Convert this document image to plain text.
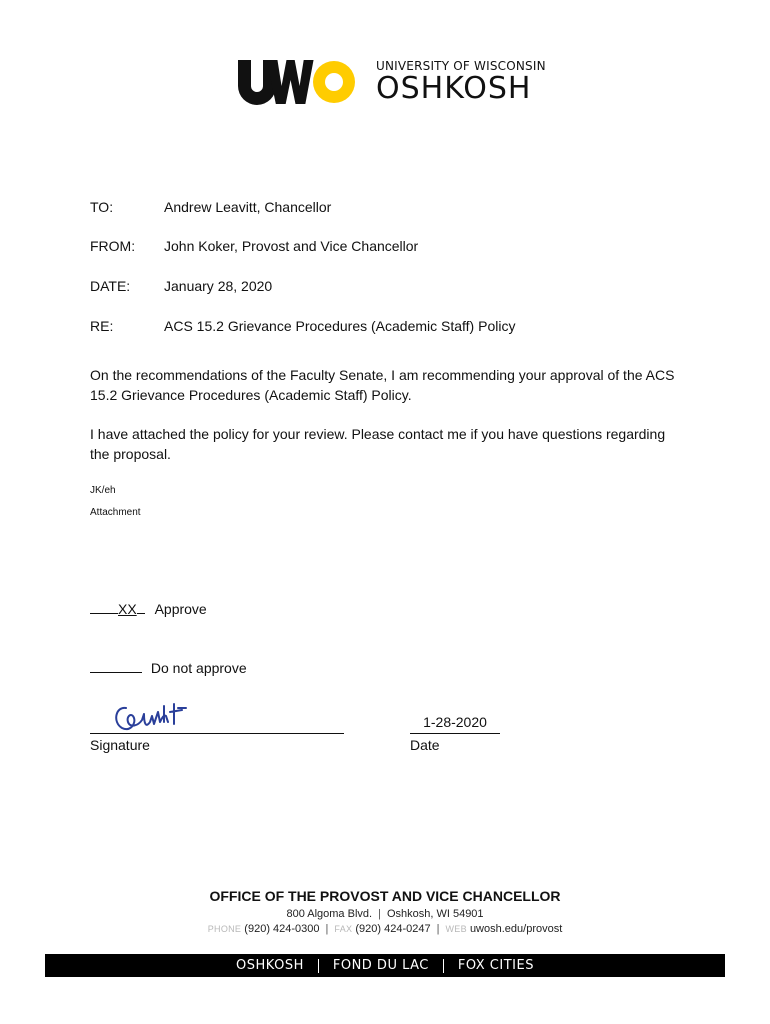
UNIVERSITY OF WISCONSIN
OSHKOSH
TO:	Andrew Leavitt, Chancellor
FROM: John Koker, Provost and Vice Chancellor
DATE: January 28, 2020
RE:	ACS 15.2 Grievance Procedures (Academic Staff) Policy
On the recommendations of the Faculty Senate, I am recommending your approval of the ACS
15.2 Grievance Procedures (Academic Staff) Policy.
I have attached the policy for your review. Please contact me if you have questions regarding
the proposal.
JK/eh
Attachment
XX Approve
Do not approve
Signature
1-28-2020
Date
OFFICE OF THE PROVOST AND VICE CHANCELLOR
800 Algoma Blvd. | Oshkosh, WI 54901
PHONE (920) 424-0300 | FAX (920) 424-0247 | WEB uwosh.edu/provost
OSHKOSH FOND DU LAC FOX CITIES
